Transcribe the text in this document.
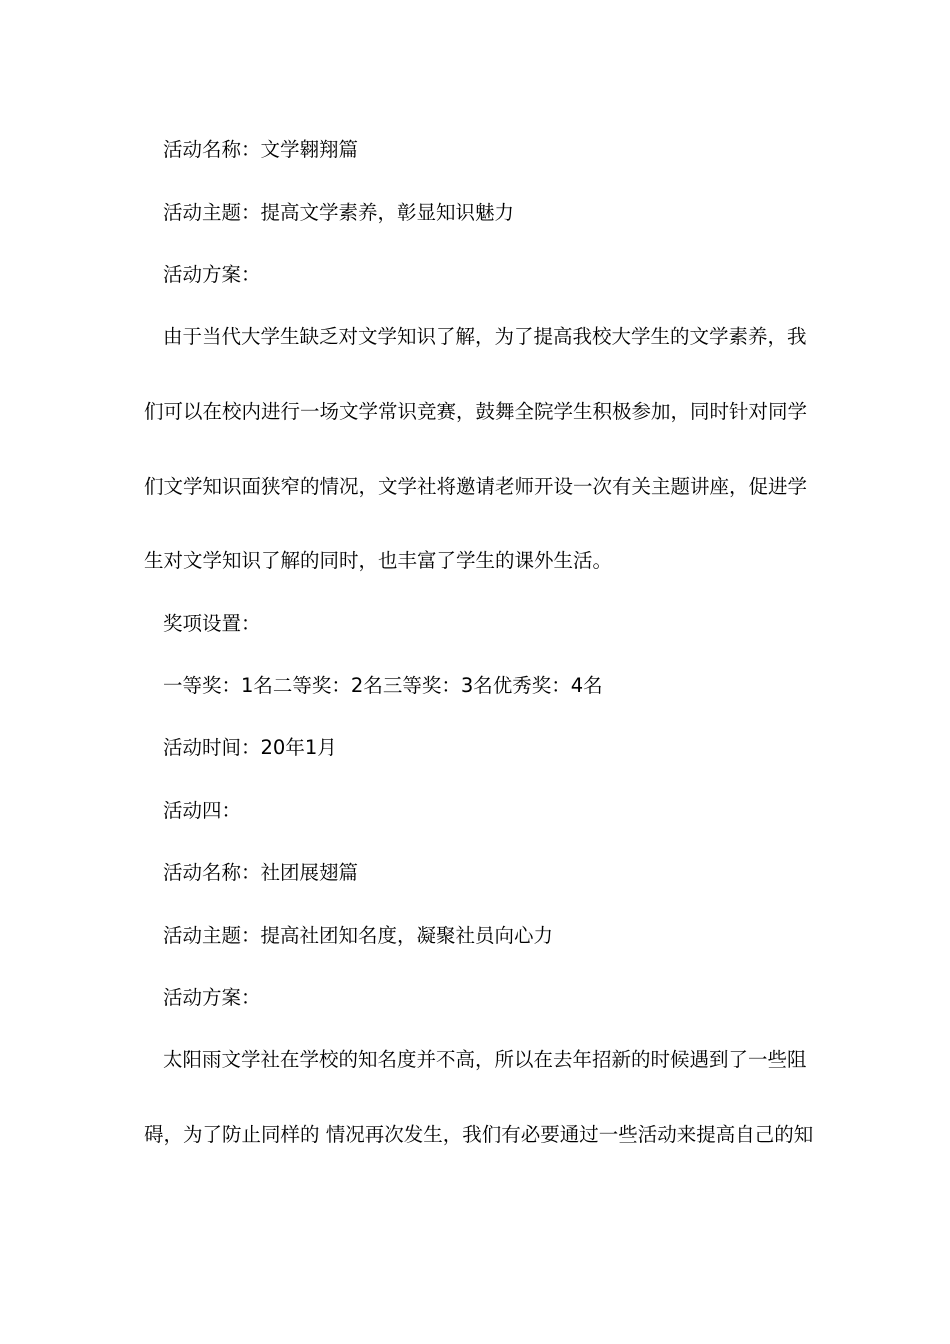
活动名称：文学翱翔篇
活动主题：提高文学素养，彰显知识魅力
活动方案：
由于当代大学生缺乏对文学知识了解，为了提高我校大学生的文学素养，我
们可以在校内进行一场文学常识竞赛，鼓舞全院学生积极参加，同时针对同学
们文学知识面狭窄的情况，文学社将邀请老师开设一次有关主题讲座，促进学
生对文学知识了解的同时，也丰富了学生的课外生活。
奖项设置：
一等奖：1名二等奖：2名三等奖：3名优秀奖：4名
活动时间：20年1月
活动四：
活动名称：社团展翅篇
活动主题：提高社团知名度，凝聚社员向心力
活动方案：
太阳雨文学社在学校的知名度并不高，所以在去年招新的时候遇到了一些阻
碍，为了防止同样的 情况再次发生，我们有必要通过一些活动来提高自己的知
